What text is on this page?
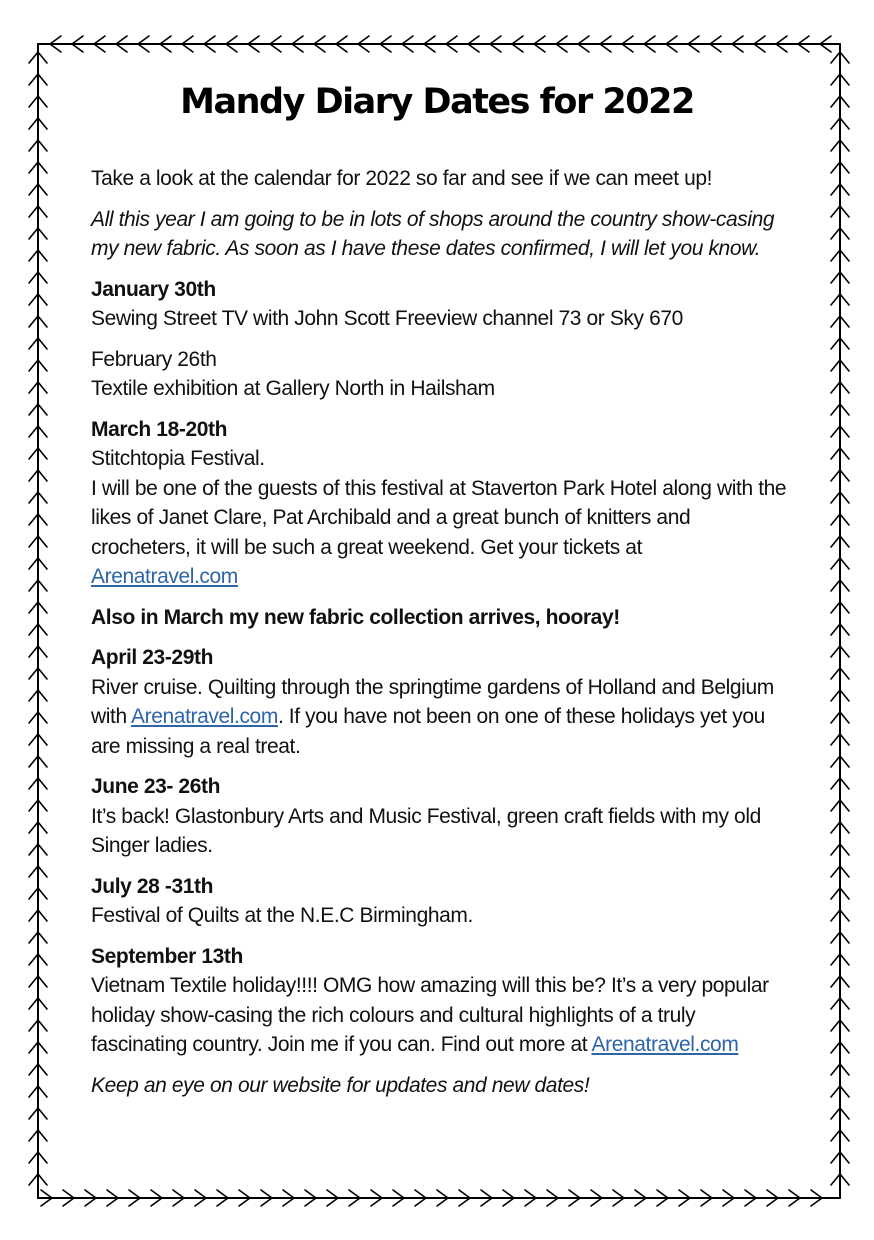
Mandy Diary Dates for 2022

Take a look at the calendar for 2022 so far and see if we can meet up!

All this year I am going to be in lots of shops around the country show-casing my new fabric. As soon as I have these dates confirmed, I will let you know.

January 30th
Sewing Street TV with John Scott Freeview channel 73 or Sky 670
February 26th
Textile exhibition at Gallery North in Hailsham
March 18-20th
Stitchtopia Festival.
I will be one of the guests of this festival at Staverton Park Hotel along with the likes of Janet Clare, Pat Archibald and a great bunch of knitters and crocheters, it will be such a great weekend. Get your tickets at Arenatravel.com

Also in March my new fabric collection arrives, hooray!

April 23-29th
River cruise. Quilting through the springtime gardens of Holland and Belgium with Arenatravel.com. If you have not been on one of these holidays yet you are missing a real treat.
June 23- 26th
It’s back! Glastonbury Arts and Music Festival, green craft fields with my old Singer ladies.
July 28 -31th
Festival of Quilts at the N.E.C Birmingham.
September 13th
Vietnam Textile holiday!!!! OMG how amazing will this be? It’s a very popular holiday show-casing the rich colours and cultural highlights of a truly fascinating country. Join me if you can. Find out more at Arenatravel.com

Keep an eye on our website for updates and new dates!
